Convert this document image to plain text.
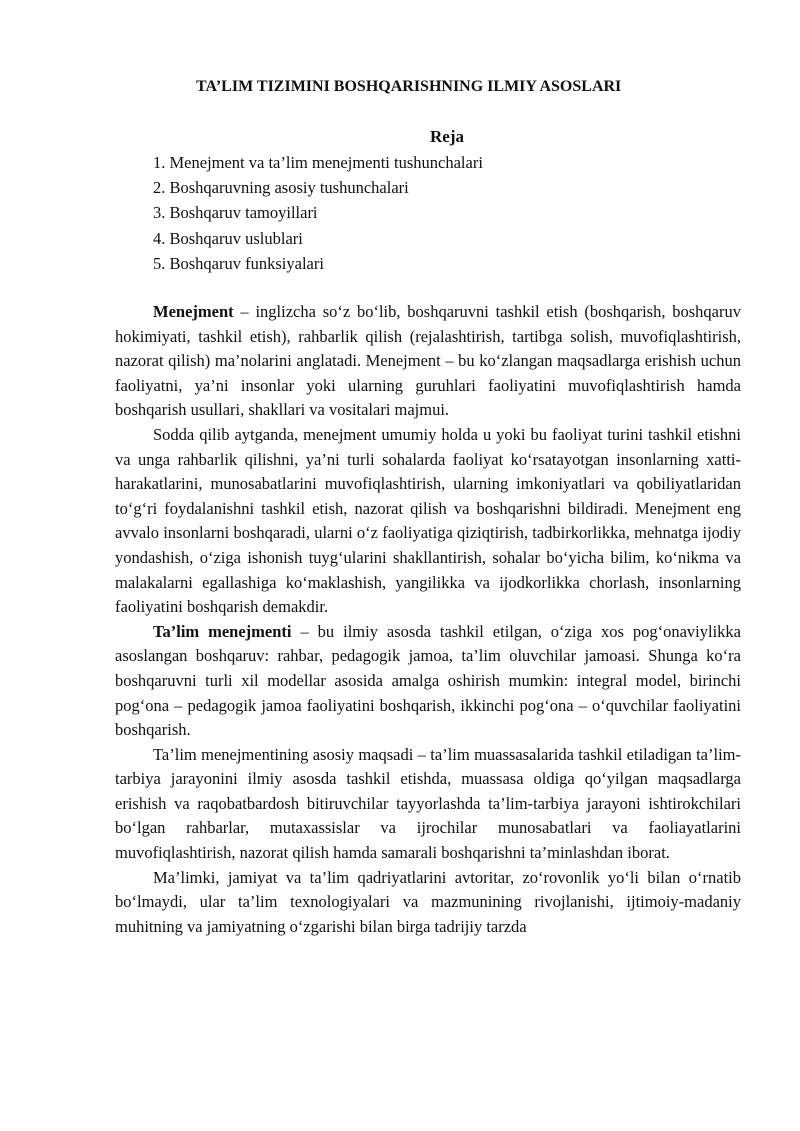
TA’LIM TIZIMINI BOSHQARISHNING ILMIY ASOSLARI
Reja
1. Menejment va ta’lim menejmenti tushunchalari
2. Boshqaruvning asosiy tushunchalari
3. Boshqaruv tamoyillari
4. Boshqaruv uslublari
5. Boshqaruv funksiyalari

Menejment – inglizcha so‘z bo‘lib, boshqaruvni tashkil etish (boshqarish, boshqaruv hokimiyati, tashkil etish), rahbarlik qilish (rejalashtirish, tartibga solish, muvofiqlashtirish, nazorat qilish) ma’nolarini anglatadi. Menejment – bu ko‘zlangan maqsadlarga erishish uchun faoliyatni, ya’ni insonlar yoki ularning guruhlari faoliyatini muvofiqlashtirish hamda boshqarish usullari, shakllari va vositalari majmui.

Sodda qilib aytganda, menejment umumiy holda u yoki bu faoliyat turini tashkil etishni va unga rahbarlik qilishni, ya’ni turli sohalarda faoliyat ko‘rsatayotgan insonlarning xatti-harakatlarini, munosabatlarini muvofiqlashtirish, ularning imkoniyatlari va qobiliyatlaridan to‘g‘ri foydalanishni tashkil etish, nazorat qilish va boshqarishni bildiradi. Menejment eng avvalo insonlarni boshqaradi, ularni o‘z faoliyatiga qiziqtirish, tadbirkorlikka, mehnatga ijodiy yondashish, o‘ziga ishonish tuyg‘ularini shakllantirish, sohalar bo‘yicha bilim, ko‘nikma va malakalarni egallashiga ko‘maklashish, yangilikka va ijodkorlikka chorlash, insonlarning faoliyatini boshqarish demakdir.

Ta’lim menejmenti – bu ilmiy asosda tashkil etilgan, o‘ziga xos pog‘onaviylikka asoslangan boshqaruv: rahbar, pedagogik jamoa, ta’lim oluvchilar jamoasi. Shunga ko‘ra boshqaruvni turli xil modellar asosida amalga oshirish mumkin: integral model, birinchi pog‘ona – pedagogik jamoa faoliyatini boshqarish, ikkinchi pog‘ona – o‘quvchilar faoliyatini boshqarish.

Ta’lim menejmentining asosiy maqsadi – ta’lim muassasalarida tashkil etiladigan ta’lim-tarbiya jarayonini ilmiy asosda tashkil etishda, muassasa oldiga qo‘yilgan maqsadlarga erishish va raqobatbardosh bitiruvchilar tayyorlashda ta’lim-tarbiya jarayoni ishtirokchilari bo‘lgan rahbarlar, mutaxassislar va ijrochilar munosabatlari va faoliayatlarini muvofiqlashtirish, nazorat qilish hamda samarali boshqarishni ta’minlashdan iborat.

Ma’limki, jamiyat va ta’lim qadriyatlarini avtoritar, zo‘rovonlik yo‘li bilan o‘rnatib bo‘lmaydi, ular ta’lim texnologiyalari va mazmunining rivojlanishi, ijtimoiy-madaniy muhitning va jamiyatning o‘zgarishi bilan birga tadrijiy tarzda
